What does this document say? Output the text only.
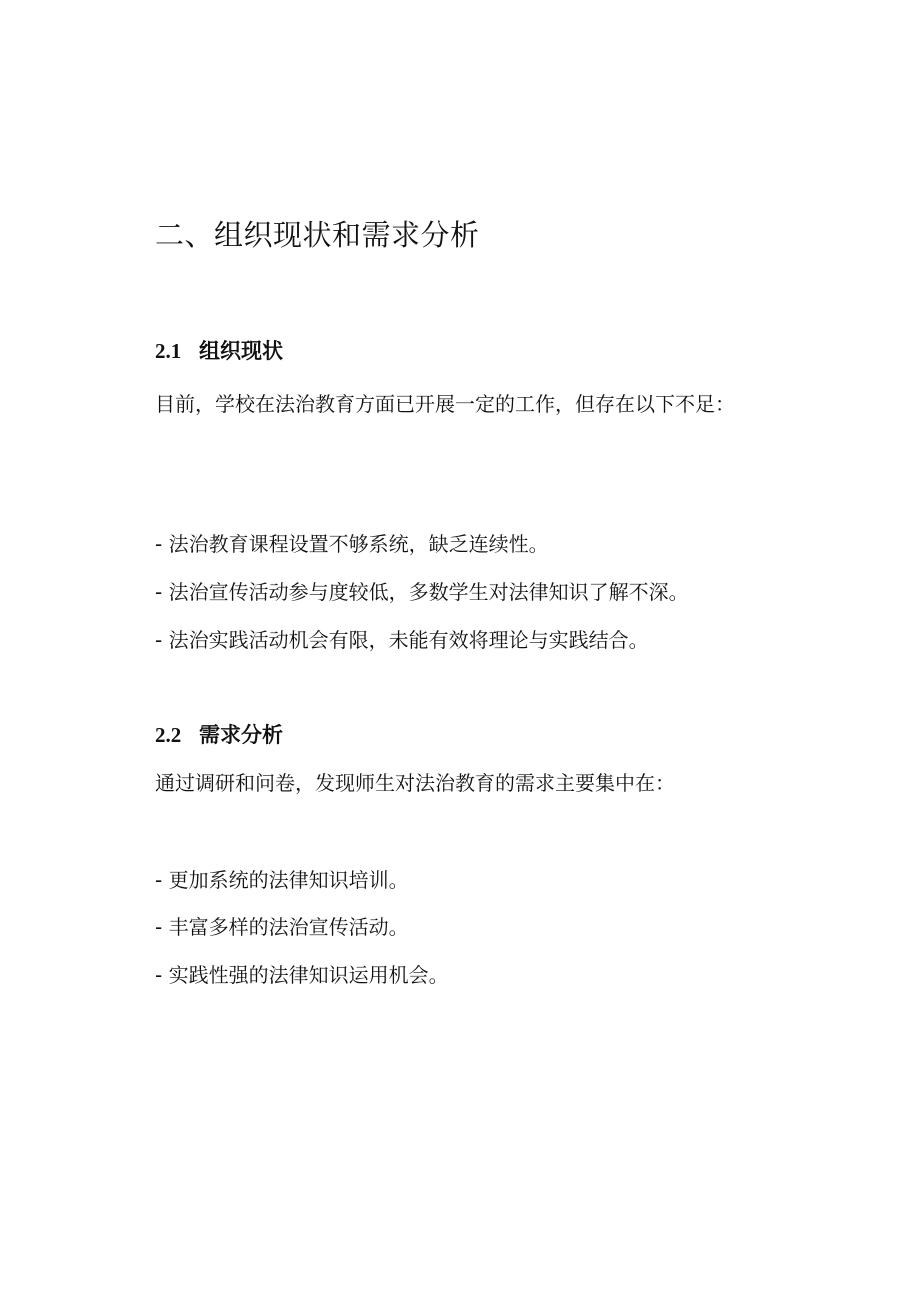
二、组织现状和需求分析
2.1 组织现状
目前，学校在法治教育方面已开展一定的工作，但存在以下不足：
- 法治教育课程设置不够系统，缺乏连续性。
- 法治宣传活动参与度较低，多数学生对法律知识了解不深。
- 法治实践活动机会有限，未能有效将理论与实践结合。
2.2 需求分析
通过调研和问卷，发现师生对法治教育的需求主要集中在：
- 更加系统的法律知识培训。
- 丰富多样的法治宣传活动。
- 实践性强的法律知识运用机会。
